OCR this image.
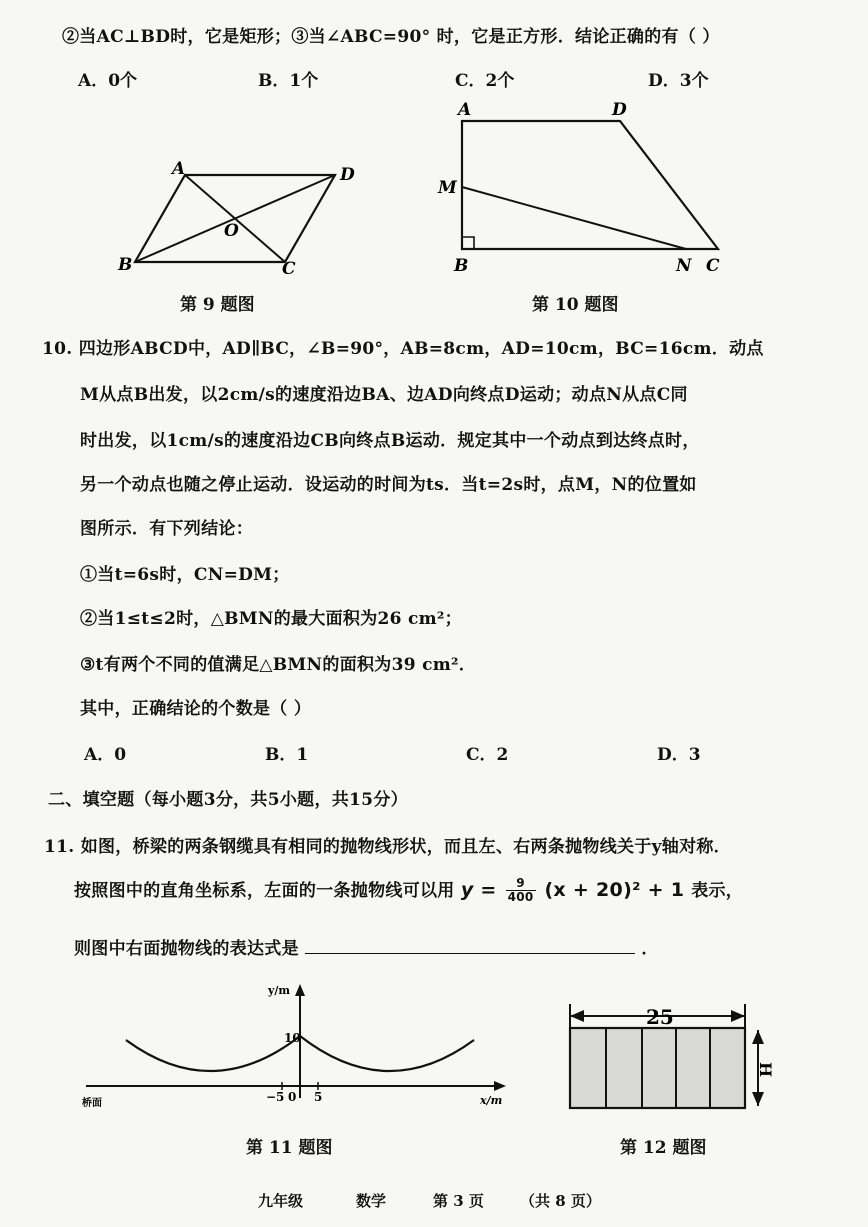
②当AC⊥BD时，它是矩形；③当∠ABC=90° 时，它是正方形．结论正确的有（ ）
A．0个	B．1个	C．2个	D．3个
A	D
O
B	C
第 9 题图
A	D
M
B	N C
第 10 题图
10. 四边形ABCD中，AD∥BC，∠B=90°，AB=8cm，AD=10cm，BC=16cm．动点
M从点B出发，以2cm/s的速度沿边BA、边AD向终点D运动；动点N从点C同
时出发，以1cm/s的速度沿边CB向终点B运动．规定其中一个动点到达终点时，
另一个动点也随之停止运动．设运动的时间为ts．当t=2s时，点M，N的位置如
图所示．有下列结论：
①当t=6s时，CN=DM；
②当1≤t≤2时，△BMN的最大面积为26 cm²；
③t有两个不同的值满足△BMN的面积为39 cm²．
其中，正确结论的个数是（ ）
A．0	B．1	C．2	D．3
二、填空题（每小题3分，共5小题，共15分）
11. 如图，桥梁的两条钢缆具有相同的抛物线形状，而且左、右两条抛物线关于y轴对称．
按照图中的直角坐标系，左面的一条抛物线可以用 $y = \frac{9}{400} (x + 20)^2 + 1$ 表示，
则图中右面抛物线的表达式是	．
y/m
x/m
桥面
10
−5 0 5
第 11 题图
25
H
第 12 题图
九年级	数学	第 3 页 （共 8 页）
